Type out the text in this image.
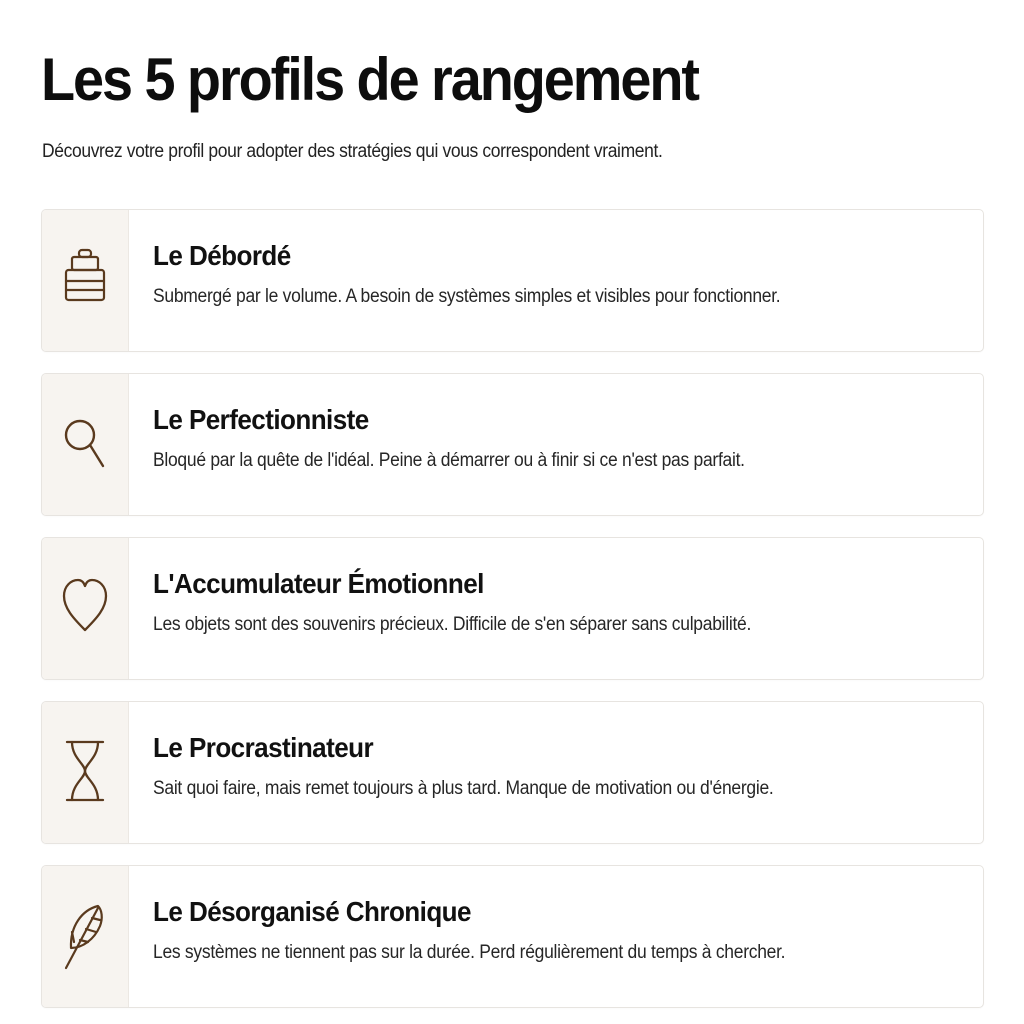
Les 5 profils de rangement

Découvrez votre profil pour adopter des stratégies qui vous correspondent vraiment.

Le Débordé

Submergé par le volume. A besoin de systèmes simples et visibles pour fonctionner.

Le Perfectionniste

Bloqué par la quête de l'idéal. Peine à démarrer ou à finir si ce n'est pas parfait.

L'Accumulateur Émotionnel

Les objets sont des souvenirs précieux. Difficile de s'en séparer sans culpabilité.

Le Procrastinateur

Sait quoi faire, mais remet toujours à plus tard. Manque de motivation ou d'énergie.

Le Désorganisé Chronique

Les systèmes ne tiennent pas sur la durée. Perd régulièrement du temps à chercher.
